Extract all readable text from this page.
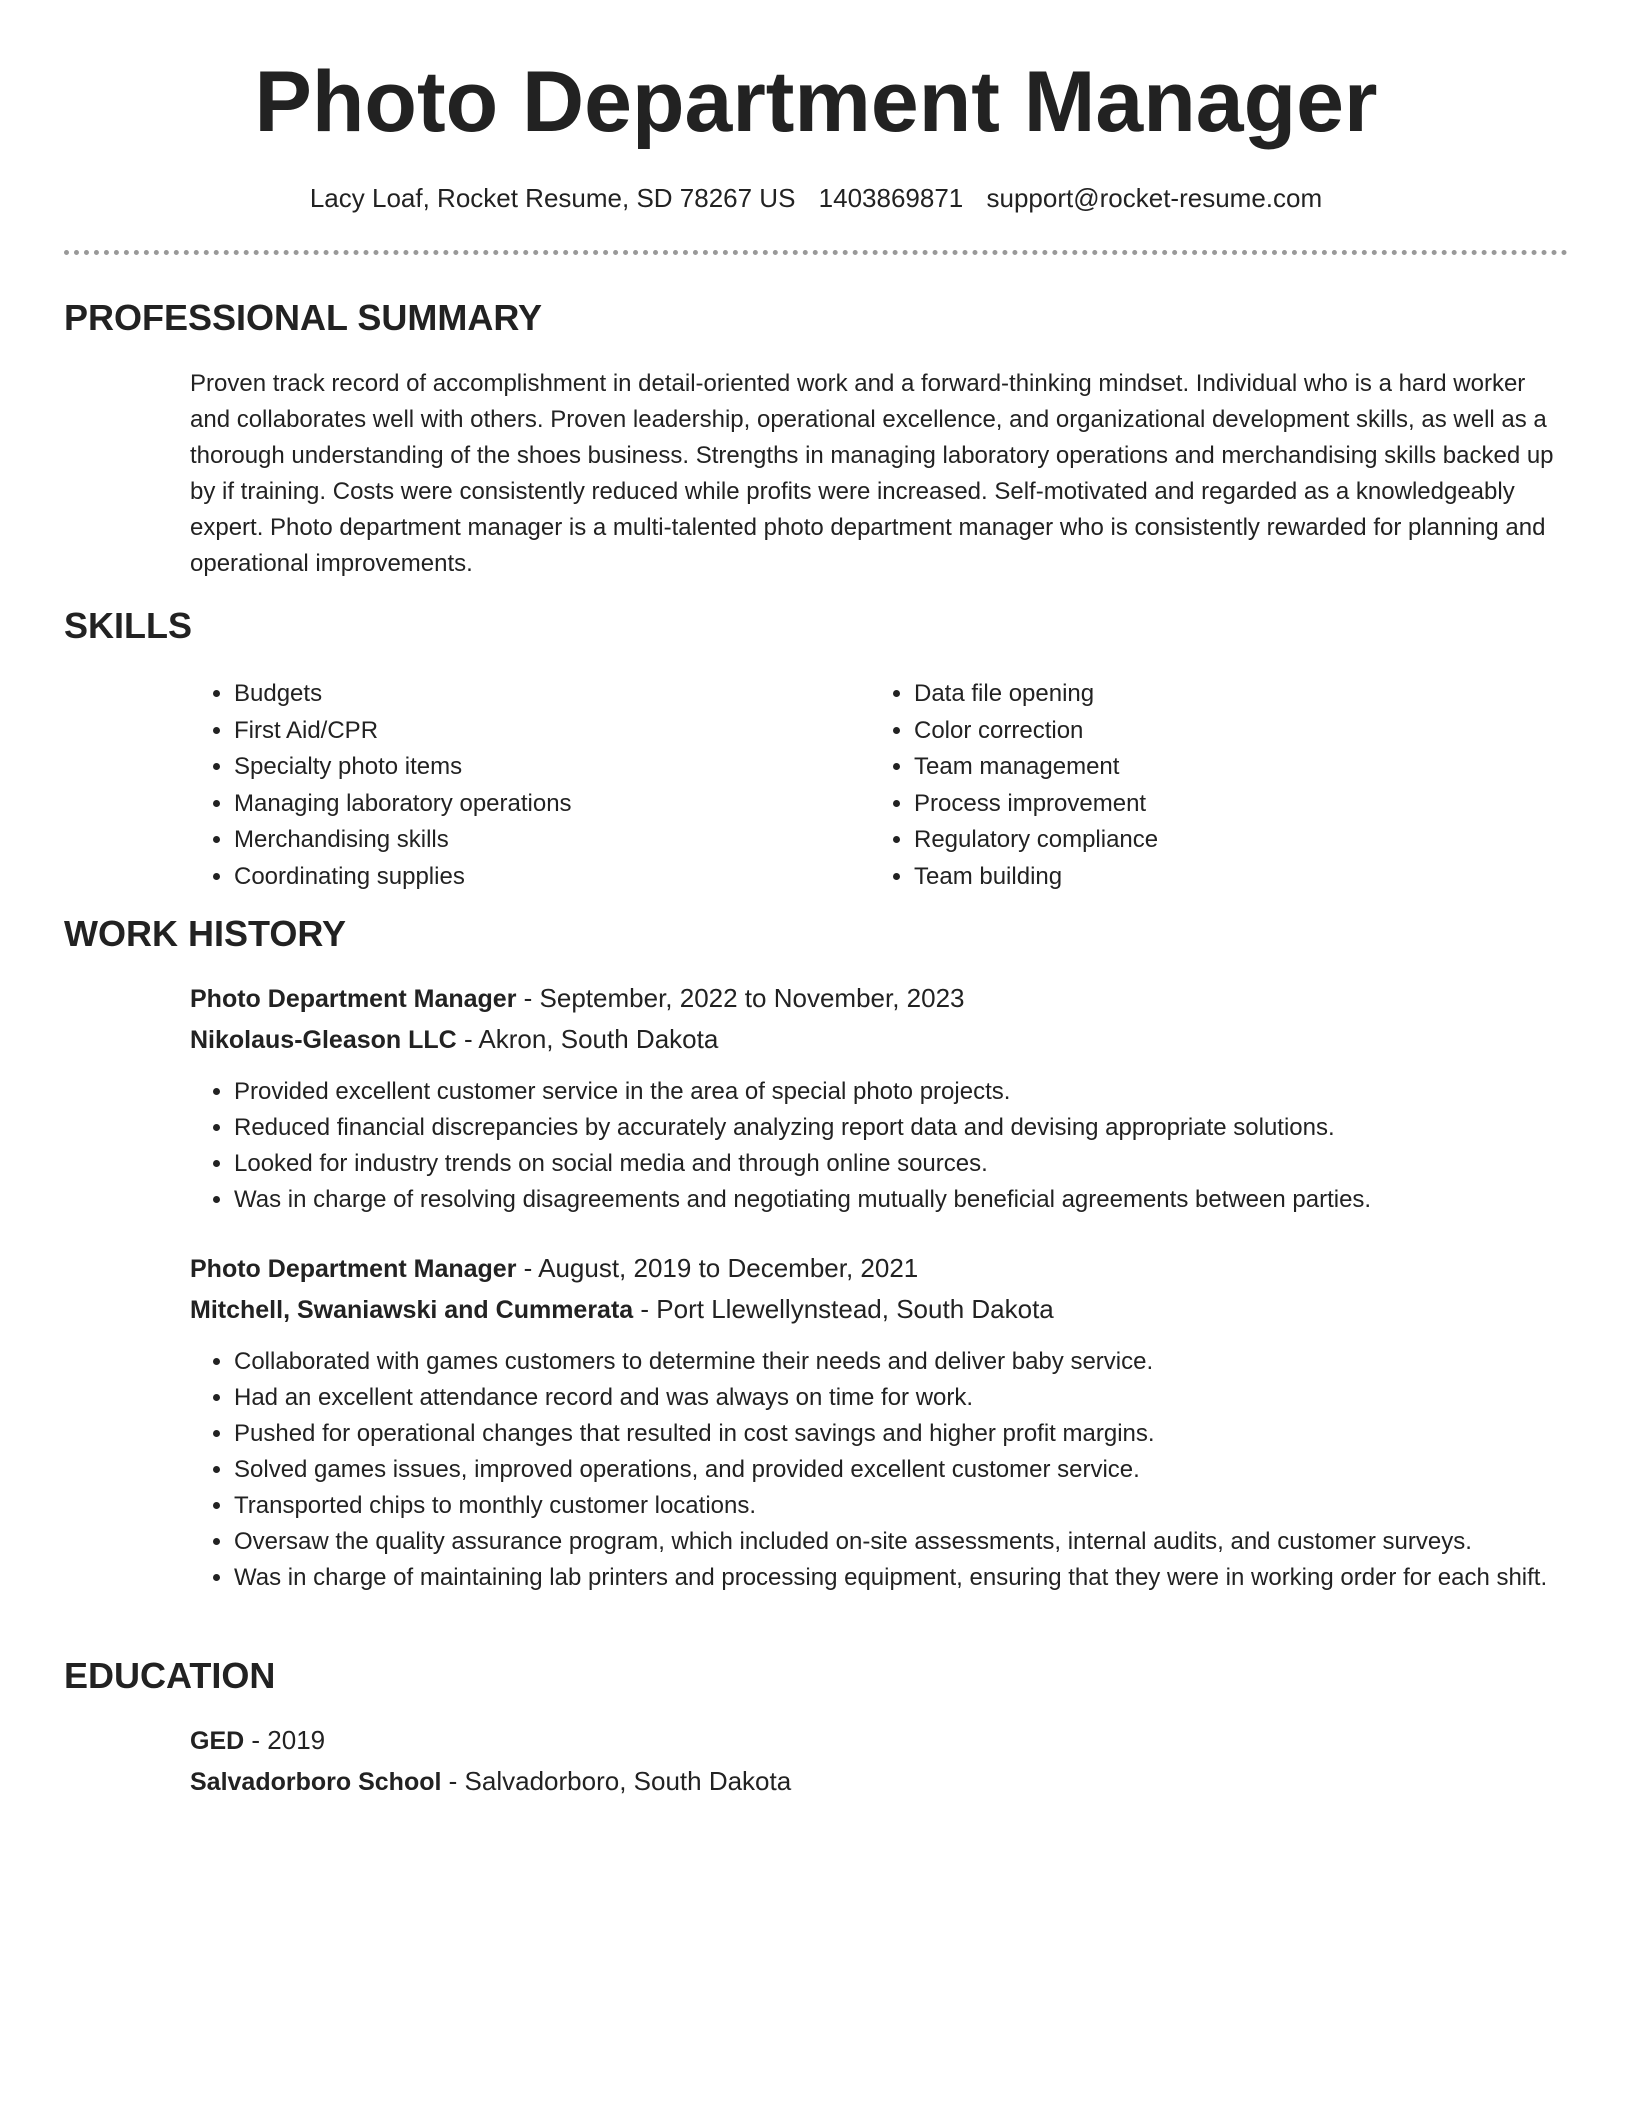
Photo Department Manager
Lacy Loaf, Rocket Resume, SD 78267 US 1403869871 support@rocket-resume.com
PROFESSIONAL SUMMARY

Proven track record of accomplishment in detail-oriented work and a forward-thinking mindset. Individual who is a hard worker and collaborates well with others. Proven leadership, operational excellence, and organizational development skills, as well as a thorough understanding of the shoes business. Strengths in managing laboratory operations and merchandising skills backed up by if training. Costs were consistently reduced while profits were increased. Self-motivated and regarded as a knowledgeably expert. Photo department manager is a multi-talented photo department manager who is consistently rewarded for planning and operational improvements.

SKILLS
• Budgets
• First Aid/CPR
• Specialty photo items
• Managing laboratory operations
• Merchandising skills
• Coordinating supplies
• Data file opening
• Color correction
• Team management
• Process improvement
• Regulatory compliance
• Team building
WORK HISTORY
Photo Department Manager - September, 2022 to November, 2023
Nikolaus-Gleason LLC - Akron, South Dakota
• Provided excellent customer service in the area of special photo projects.
• Reduced financial discrepancies by accurately analyzing report data and devising appropriate solutions.
• Looked for industry trends on social media and through online sources.
• Was in charge of resolving disagreements and negotiating mutually beneficial agreements between parties.
Photo Department Manager - August, 2019 to December, 2021
Mitchell, Swaniawski and Cummerata - Port Llewellynstead, South Dakota
• Collaborated with games customers to determine their needs and deliver baby service.
• Had an excellent attendance record and was always on time for work.
• Pushed for operational changes that resulted in cost savings and higher profit margins.
• Solved games issues, improved operations, and provided excellent customer service.
• Transported chips to monthly customer locations.
• Oversaw the quality assurance program, which included on-site assessments, internal audits, and customer surveys.
• Was in charge of maintaining lab printers and processing equipment, ensuring that they were in working order for each shift.
EDUCATION
GED - 2019
Salvadorboro School - Salvadorboro, South Dakota
